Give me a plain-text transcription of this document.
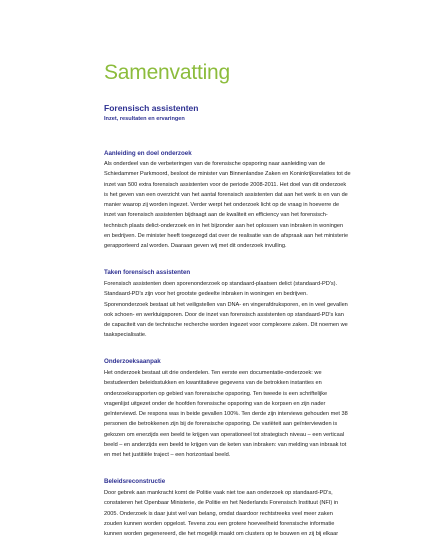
Samenvatting
Forensisch assistenten

Inzet, resultaten en ervaringen

Aanleiding en doel onderzoek
Als onderdeel van de verbeteringen van de forensische opsporing naar aanleiding van de
Schiedammer Parkmoord, besloot de minister van Binnenlandse Zaken en Koninkrijksrelaties tot de
inzet van 500 extra forensisch assistenten voor de periode 2008-2011. Het doel van dit onderzoek
is het geven van een overzicht van het aantal forensisch assistenten dat aan het werk is en van de
manier waarop zij worden ingezet. Verder werpt het onderzoek licht op de vraag in hoeverre de
inzet van forensisch assistenten bijdraagt aan de kwaliteit en efficiency van het forensisch-
technisch plaats delict-onderzoek en in het bijzonder aan het oplossen van inbraken in woningen
en bedrijven. De minister heeft toegezegd dat over de realisatie van de afspraak aan het ministerie
gerapporteerd zal worden. Daaraan geven wij met dit onderzoek invulling.
Taken forensisch assistenten
Forensisch assistenten doen sporenonderzoek op standaard-plaatsen delict (standaard-PD's).
Standaard-PD's zijn voor het grootste gedeelte inbraken in woningen en bedrijven.
Sporenonderzoek bestaat uit het veiligstellen van DNA- en vingerafdruksporen, en in veel gevallen
ook schoen- en werktuigsporen. Door de inzet van forensisch assistenten op standaard-PD's kan
de capaciteit van de technische recherche worden ingezet voor complexere zaken. Dit noemen we
taakspecialisatie.
Onderzoeksaanpak
Het onderzoek bestaat uit drie onderdelen. Ten eerste een documentatie-onderzoek: we
bestudeerden beleidsstukken en kwantitatieve gegevens van de betrokken instanties en
onderzoeksrapporten op gebied van forensische opsporing. Ten tweede is een schriftelijke
vragenlijst uitgezet onder de hoofden forensische opsporing van de korpsen en zijn nader
geïnterviewd. De respons was in beide gevallen 100%. Ten derde zijn interviews gehouden met 38
personen die betrokkenen zijn bij de forensische opsporing. De variëteit aan geïnterviewden is
gekozen om enerzijds een beeld te krijgen van operationeel tot strategisch niveau – een verticaal
beeld – en anderzijds een beeld te krijgen van de keten van inbraken: van melding van inbraak tot
en met het justitiële traject – een horizontaal beeld.
Beleidsreconstructie
Door gebrek aan mankracht komt de Politie vaak niet toe aan onderzoek op standaard-PD's,
constateren het Openbaar Ministerie, de Politie en het Nederlands Forensisch Instituut (NFI) in
2005. Onderzoek is daar juist wel van belang, omdat daardoor rechtstreeks veel meer zaken
zouden kunnen worden opgelost. Tevens zou een grotere hoeveelheid forensische informatie
kunnen worden gegenereerd, die het mogelijk maakt om clusters op te bouwen en zij bij elkaar
